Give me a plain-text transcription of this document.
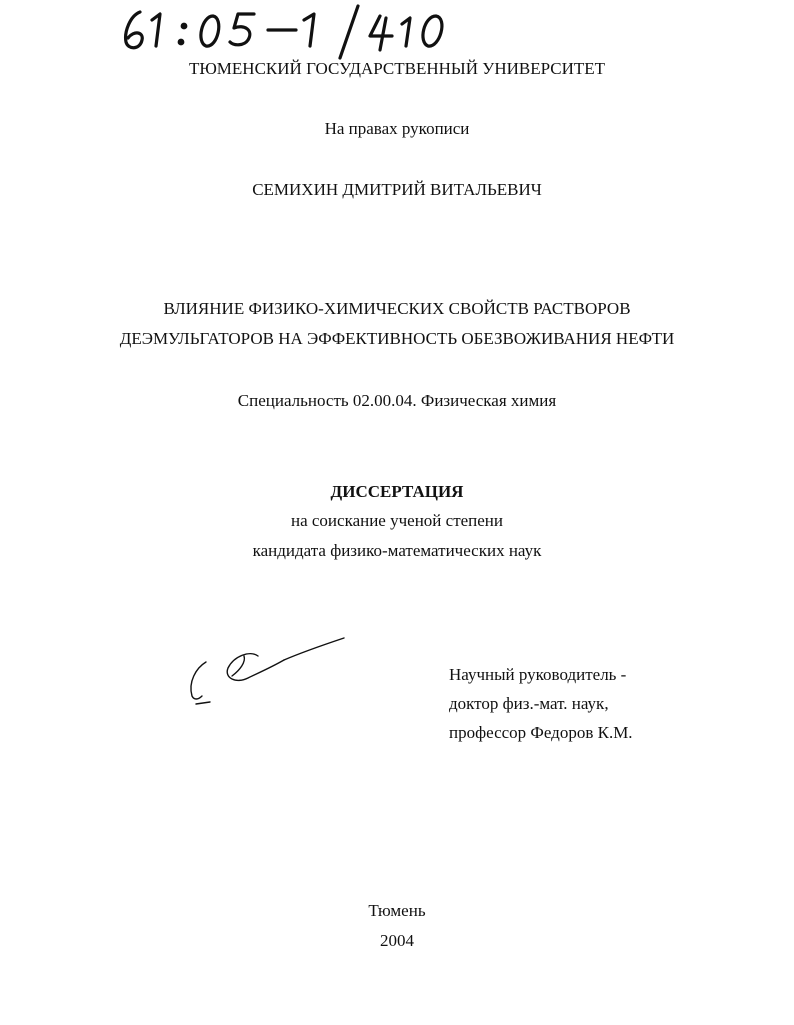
ТЮМЕНСКИЙ ГОСУДАРСТВЕННЫЙ УНИВЕРСИТЕТ
На правах рукописи
СЕМИХИН ДМИТРИЙ ВИТАЛЬЕВИЧ
ВЛИЯНИЕ ФИЗИКО-ХИМИЧЕСКИХ СВОЙСТВ РАСТВОРОВ
ДЕЭМУЛЬГАТОРОВ НА ЭФФЕКТИВНОСТЬ ОБЕЗВОЖИВАНИЯ НЕФТИ
Специальность 02.00.04. Физическая химия
ДИССЕРТАЦИЯ
на соискание ученой степени
кандидата физико-математических наук
Научный руководитель -
доктор физ.-мат. наук,
профессор Федоров К.М.
Тюмень
2004
